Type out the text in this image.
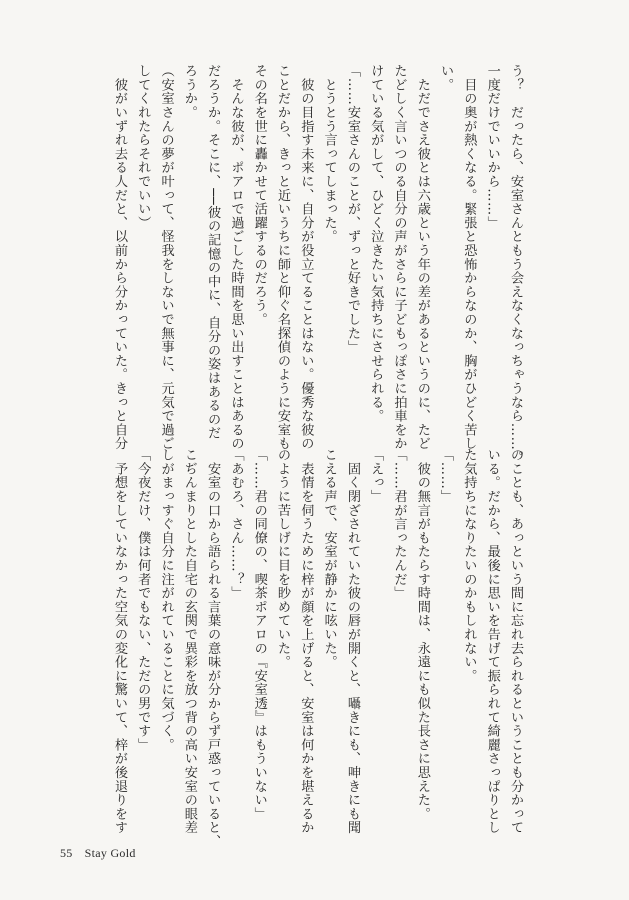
う？　だったら、安室さんともう会えなくなっちゃうなら……。
一度だけでいいから……」
　目の奥が熱くなる。緊張と恐怖からなのか、胸がひどく苦し
い。
　ただでさえ彼とは六歳という年の差があるというのに、たど
たどしく言いつのる自分の声がさらに子どもっぽさに拍車をか
けている気がして、ひどく泣きたい気持ちにさせられる。
「……安室さんのことが、ずっと好きでした」
　とうとう言ってしまった。
　彼の目指す未来に、自分が役立てることはない。優秀な彼の
ことだから、きっと近いうちに師と仰ぐ名探偵のように安室も
その名を世に轟かせて活躍するのだろう。
　そんな彼が、ポアロで過ごした時間を思い出すことはあるの
だろうか。そこに、──彼の記憶の中に、自分の姿はあるのだ
ろうか。
（安室さんの夢が叶って、怪我をしないで無事に、元気で過ご
してくれたらそれでいい）
　彼がいずれ去る人だと、以前から分かっていた。きっと自分
のことも、あっという間に忘れ去られるということも分かって
いる。だから、最後に思いを告げて振られて綺麗さっぱりとし
た気持ちになりたいのかもしれない。
「……」
　彼の無言がもたらす時間は、永遠にも似た長さに思えた。
「……君が言ったんだ」
「えっ」
　固く閉ざされていた彼の唇が開くと、囁きにも、呻きにも聞
こえる声で、安室が静かに呟いた。
　表情を伺うために梓が顔を上げると、安室は何かを堪えるか
のように苦しげに目を眇めていた。
「……君の同僚の、喫茶ポアロの『安室透』はもういない」
「あむろ、さん……？」
　安室の口から語られる言葉の意味が分からず戸惑っていると、
こぢんまりとした自宅の玄関で異彩を放つ背の高い安室の眼差
しがまっすぐ自分に注がれていることに気づく。
「今夜だけ、僕は何者でもない、ただの男です」
　予想をしていなかった空気の変化に驚いて、梓が後退りをす
55 Stay Gold
